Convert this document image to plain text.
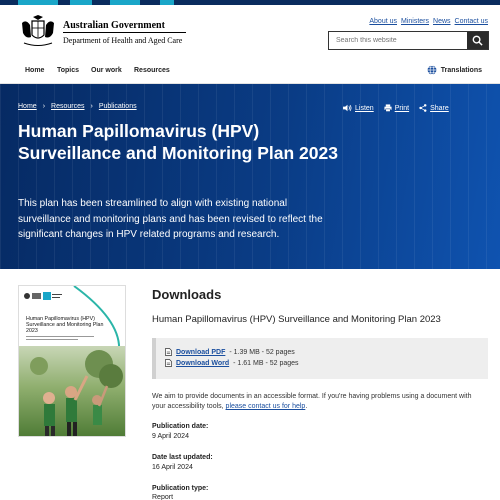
Australian Government
Department of Health and Aged Care
About us Ministers News Contact us
Search this website
Home Topics Our work Resources	Translations
Home › Resources › Publications	Listen	Print	Share
Human Papillomavirus (HPV) Surveillance and Monitoring Plan 2023

This plan has been streamlined to align with existing national surveillance and monitoring plans and has been revised to reflect the significant changes in HPV related programs and research.

Human Papillomavirus (HPV) Surveillance and Monitoring Plan 2023
Downloads
Human Papillomavirus (HPV) Surveillance and Monitoring Plan 2023
Download PDF - 1.39 MB - 52 pages
Download Word - 1.61 MB - 52 pages
We aim to provide documents in an accessible format. If you're having problems using a document with your accessibility tools, please contact us for help.
Publication date:
9 April 2024
Date last updated:
16 April 2024
Publication type:
Report
